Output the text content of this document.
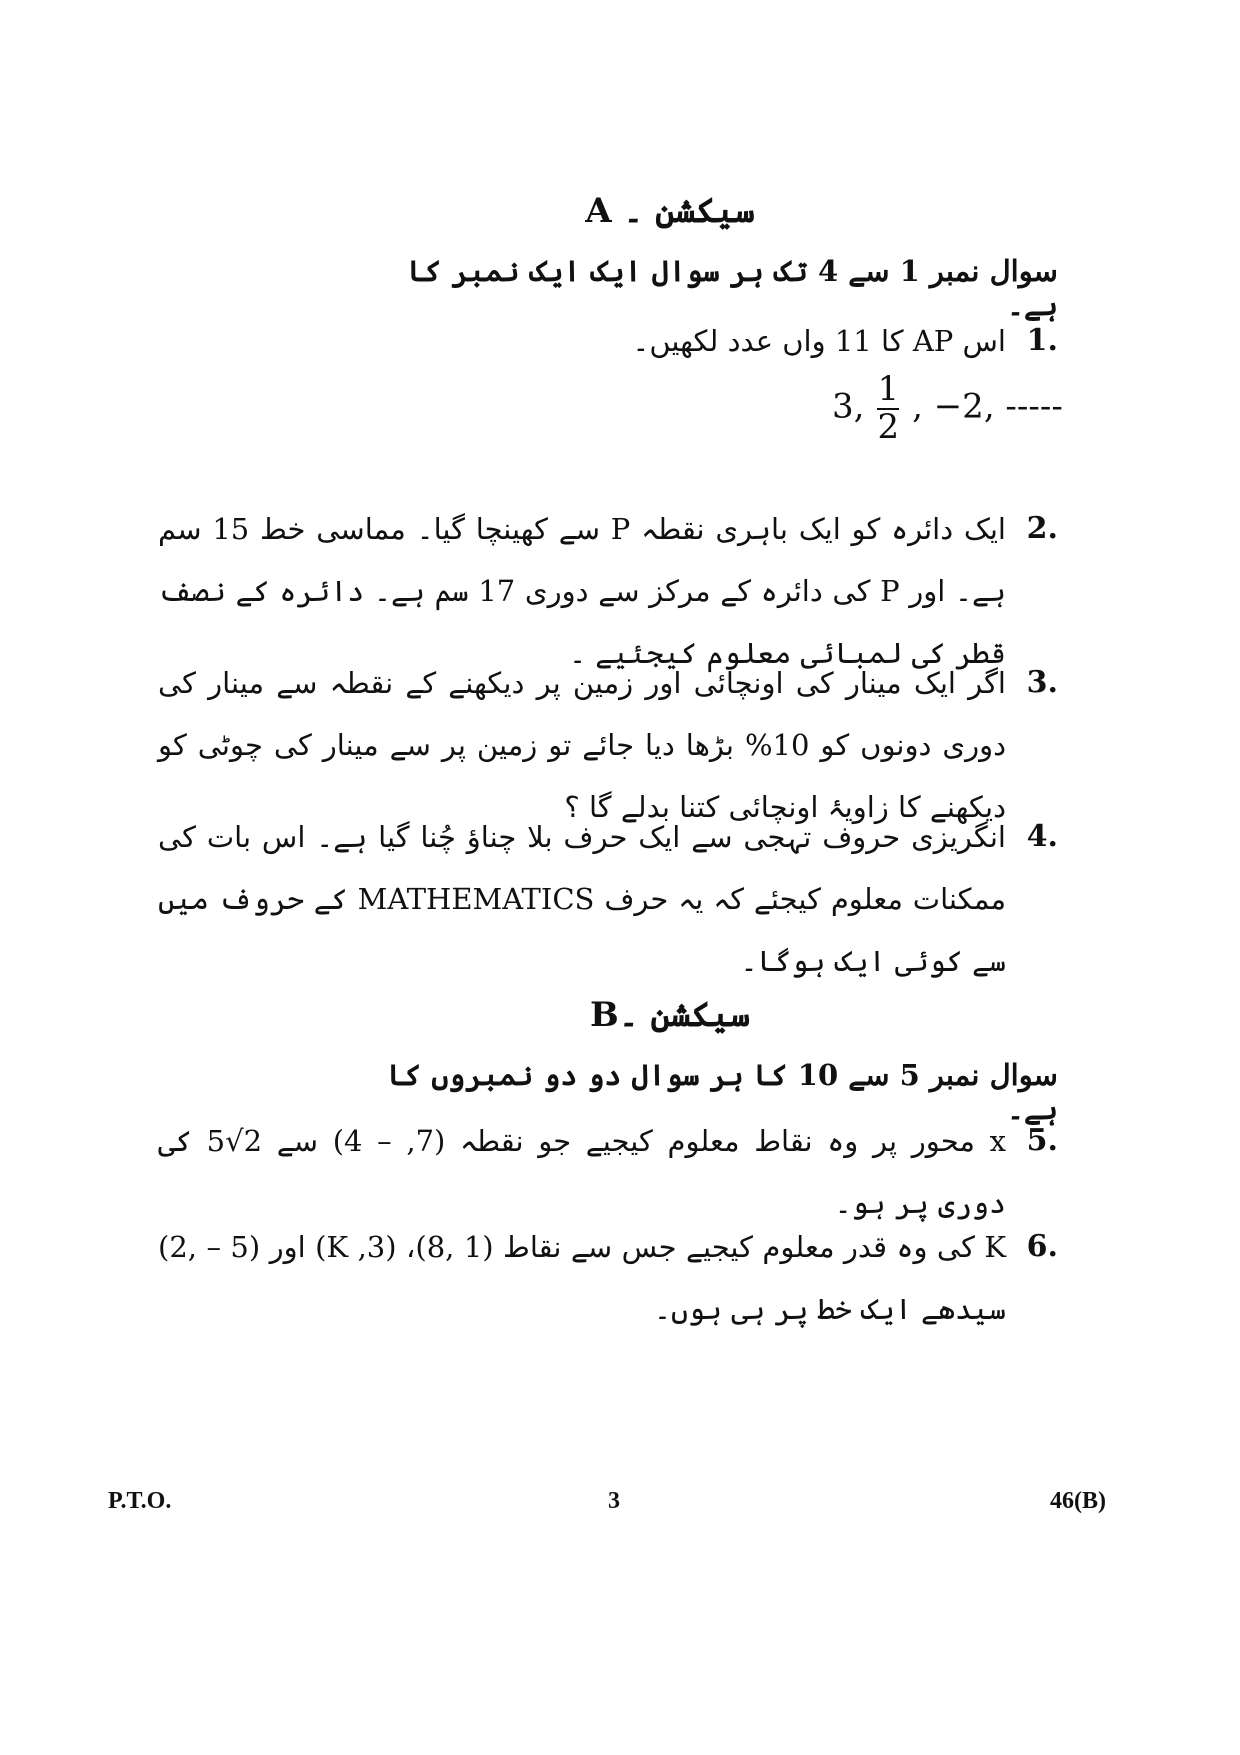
سیکشن ۔ A
سوال نمبر 1 سے 4 تک ہر سوال ایک ایک نمبر کا ہے۔
1.
اس AP کا 11 واں عدد لکھیں۔
3, $\frac{1}{2}$ , −2, -----
2.
ایک دائرہ کو ایک باہری نقطہ P سے کھینچا گیا۔ مماسی خط 15 سم ہے۔ اور P کی دائرہ کے مرکز سے دوری 17 سم ہے۔ دائرہ کے نصف قطر کی لمبائی معلوم کیجئیے ۔
3.
اگر ایک مینار کی اونچائی اور زمین پر دیکھنے کے نقطہ سے مینار کی دوری دونوں کو 10% بڑھا دیا جائے تو زمین پر سے مینار کی چوٹی کو دیکھنے کا زاویۂ اونچائی کتنا بدلے گا ؟
4.
انگریزی حروف تہجی سے ایک حرف بلا چناؤ چُنا گیا ہے۔ اس بات کی ممکنات معلوم کیجئے کہ یہ حرف MATHEMATICS کے حروف میں سے کوئی ایک ہوگا۔
سیکشن ۔B
سوال نمبر 5 سے 10 کا ہر سوال دو دو نمبروں کا ہے۔
5.
x محور پر وہ نقاط معلوم کیجیے جو نقطہ (7, – 4) سے 2√5 کی دوری پر ہو۔
6.
K کی وہ قدر معلوم کیجیے جس سے نقاط (1 ,8)، (3, K) اور (5 – ,2) سیدھے ایک خط پر ہی ہوں۔
P.T.O.	3	46(B)
